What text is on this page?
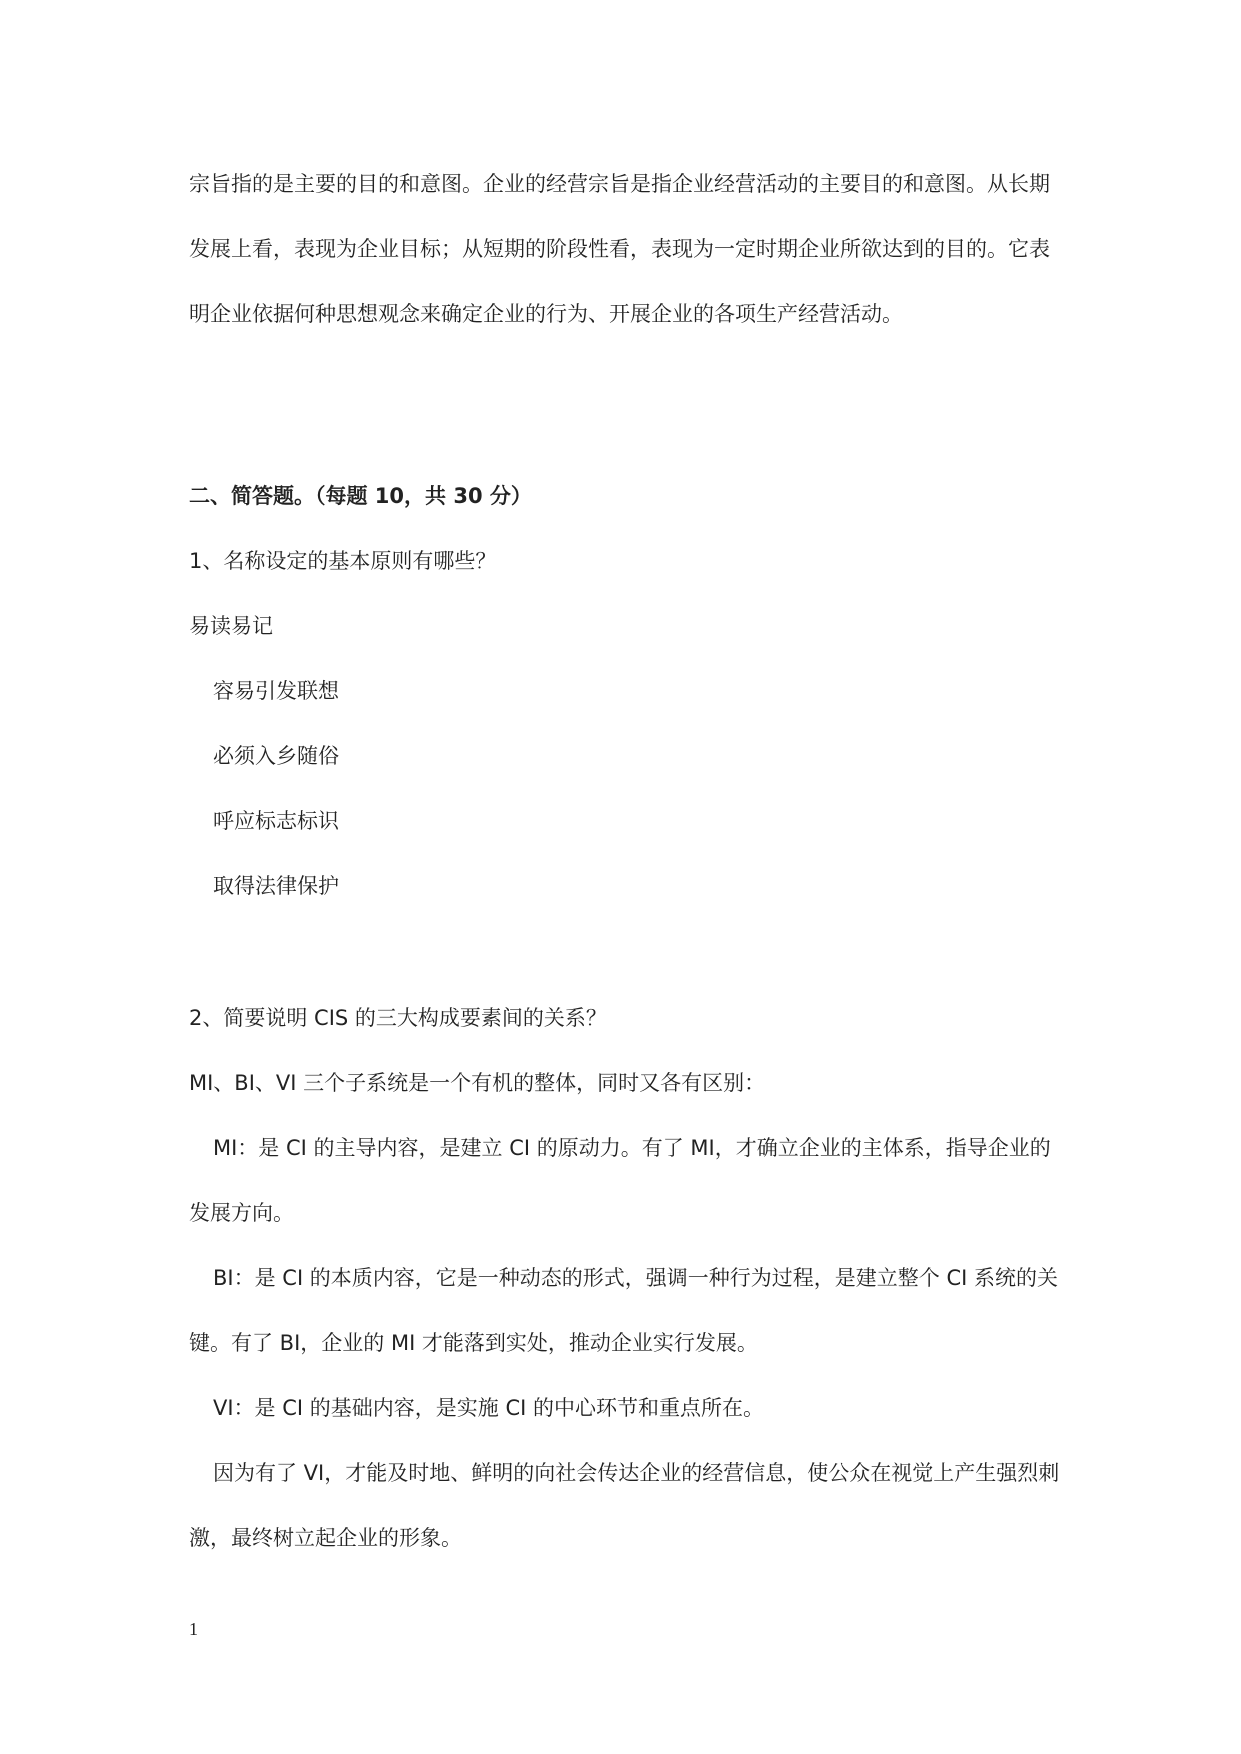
宗旨指的是主要的目的和意图。企业的经营宗旨是指企业经营活动的主要目的和意图。从长期
发展上看，表现为企业目标；从短期的阶段性看，表现为一定时期企业所欲达到的目的。它表
明企业依据何种思想观念来确定企业的行为、开展企业的各项生产经营活动。
二、简答题。（每题 10，共 30 分）
1、名称设定的基本原则有哪些？
易读易记
容易引发联想
必须入乡随俗
呼应标志标识
取得法律保护
2、简要说明 CIS 的三大构成要素间的关系？
MI、BI、VI 三个子系统是一个有机的整体，同时又各有区别：
MI：是 CI 的主导内容，是建立 CI 的原动力。有了 MI，才确立企业的主体系，指导企业的
发展方向。
BI：是 CI 的本质内容，它是一种动态的形式，强调一种行为过程，是建立整个 CI 系统的关
键。有了 BI，企业的 MI 才能落到实处，推动企业实行发展。
VI：是 CI 的基础内容，是实施 CI 的中心环节和重点所在。
因为有了 VI，才能及时地、鲜明的向社会传达企业的经营信息，使公众在视觉上产生强烈刺
激，最终树立起企业的形象。
1
